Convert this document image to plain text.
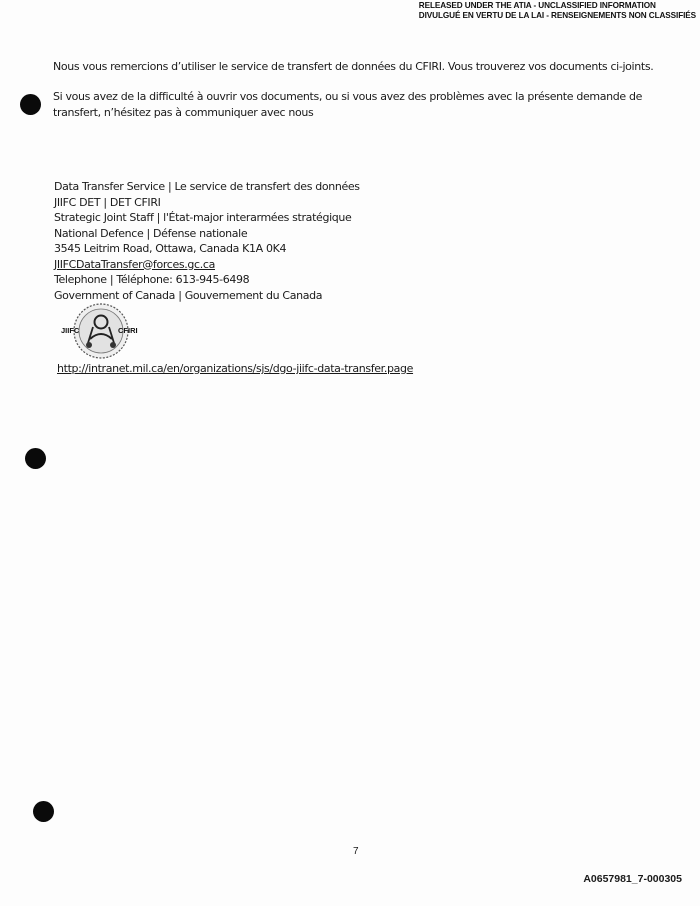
RELEASED UNDER THE ATIA - UNCLASSIFIED INFORMATION
DIVULGUÉ EN VERTU DE LA LAI - RENSEIGNEMENTS NON CLASSIFIÉS
Nous vous remercions d’utiliser le service de transfert de données du CFIRI. Vous trouverez vos documents ci-joints.
Si vous avez de la difficulté à ouvrir vos documents, ou si vous avez des problèmes avec la présente demande de
transfert, n’hésitez pas à communiquer avec nous
Data Transfer Service | Le service de transfert des données
JIIFC DET | DET CFIRI
Strategic Joint Staff | l'État-major interarmées stratégique
National Defence | Défense nationale
3545 Leitrim Road, Ottawa, Canada K1A 0K4
JIIFCDataTransfer@forces.gc.ca
Telephone | Téléphone: 613-945-6498
Government of Canada | Gouvernement du Canada
JIIFC	CFIRI
http://intranet.mil.ca/en/organizations/sjs/dgo-jiifc-data-transfer.page
7
A0657981_7-000305
